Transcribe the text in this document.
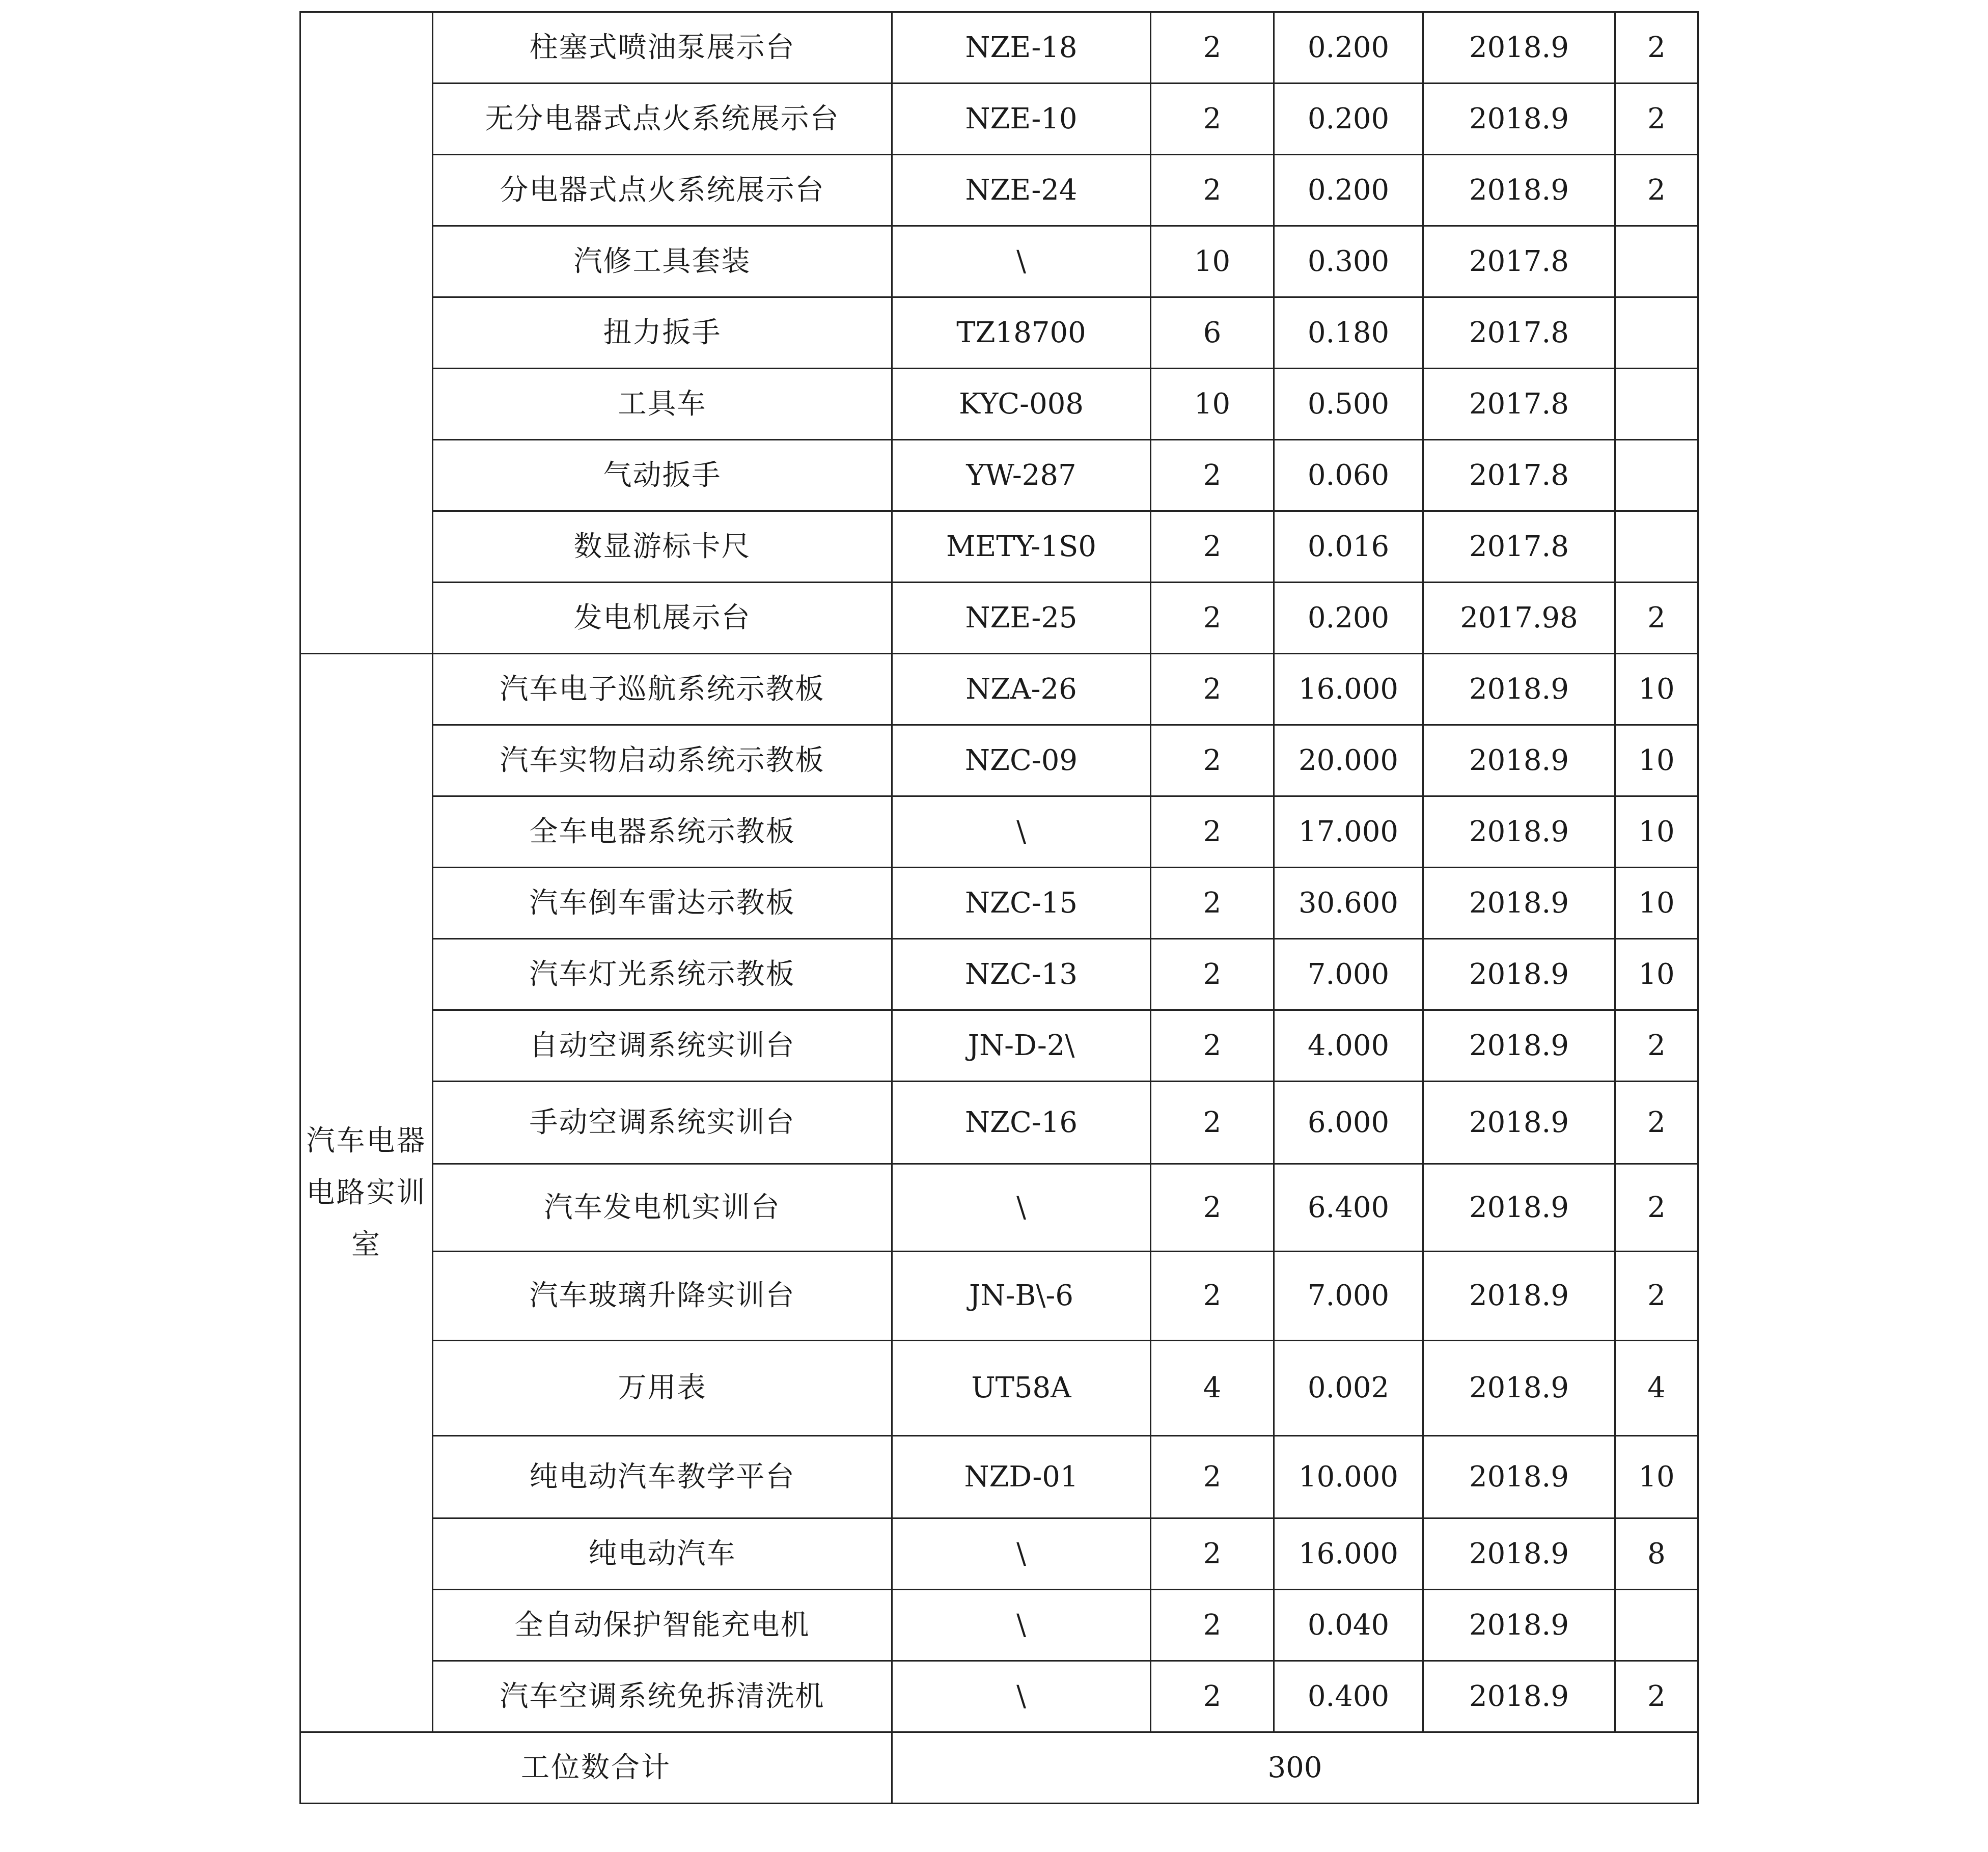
	柱塞式喷油泵展示台	NZE-18	2	0.200	2018.9	2
	无分电器式点火系统展示台	NZE-10	2	0.200	2018.9	2
	分电器式点火系统展示台	NZE-24	2	0.200	2018.9	2
	汽修工具套装	\	10	0.300	2017.8	
	扭力扳手	TZ18700	6	0.180	2017.8	
	工具车	KYC-008	10	0.500	2017.8	
	气动扳手	YW-287	2	0.060	2017.8	
	数显游标卡尺	METY-1S0	2	0.016	2017.8	
	发电机展示台	NZE-25	2	0.200	2017.98	2
汽车电器电路实训室	汽车电子巡航系统示教板	NZA-26	2	16.000	2018.9	10
	汽车实物启动系统示教板	NZC-09	2	20.000	2018.9	10
	全车电器系统示教板	\	2	17.000	2018.9	10
	汽车倒车雷达示教板	NZC-15	2	30.600	2018.9	10
	汽车灯光系统示教板	NZC-13	2	7.000	2018.9	10
	自动空调系统实训台	JN-D-2\	2	4.000	2018.9	2
	手动空调系统实训台	NZC-16	2	6.000	2018.9	2
	汽车发电机实训台	\	2	6.400	2018.9	2
	汽车玻璃升降实训台	JN-B\-6	2	7.000	2018.9	2
	万用表	UT58A	4	0.002	2018.9	4
	纯电动汽车教学平台	NZD-01	2	10.000	2018.9	10
	纯电动汽车	\	2	16.000	2018.9	8
	全自动保护智能充电机	\	2	0.040	2018.9	
	汽车空调系统免拆清洗机	\	2	0.400	2018.9	2
工位数合计		300				
